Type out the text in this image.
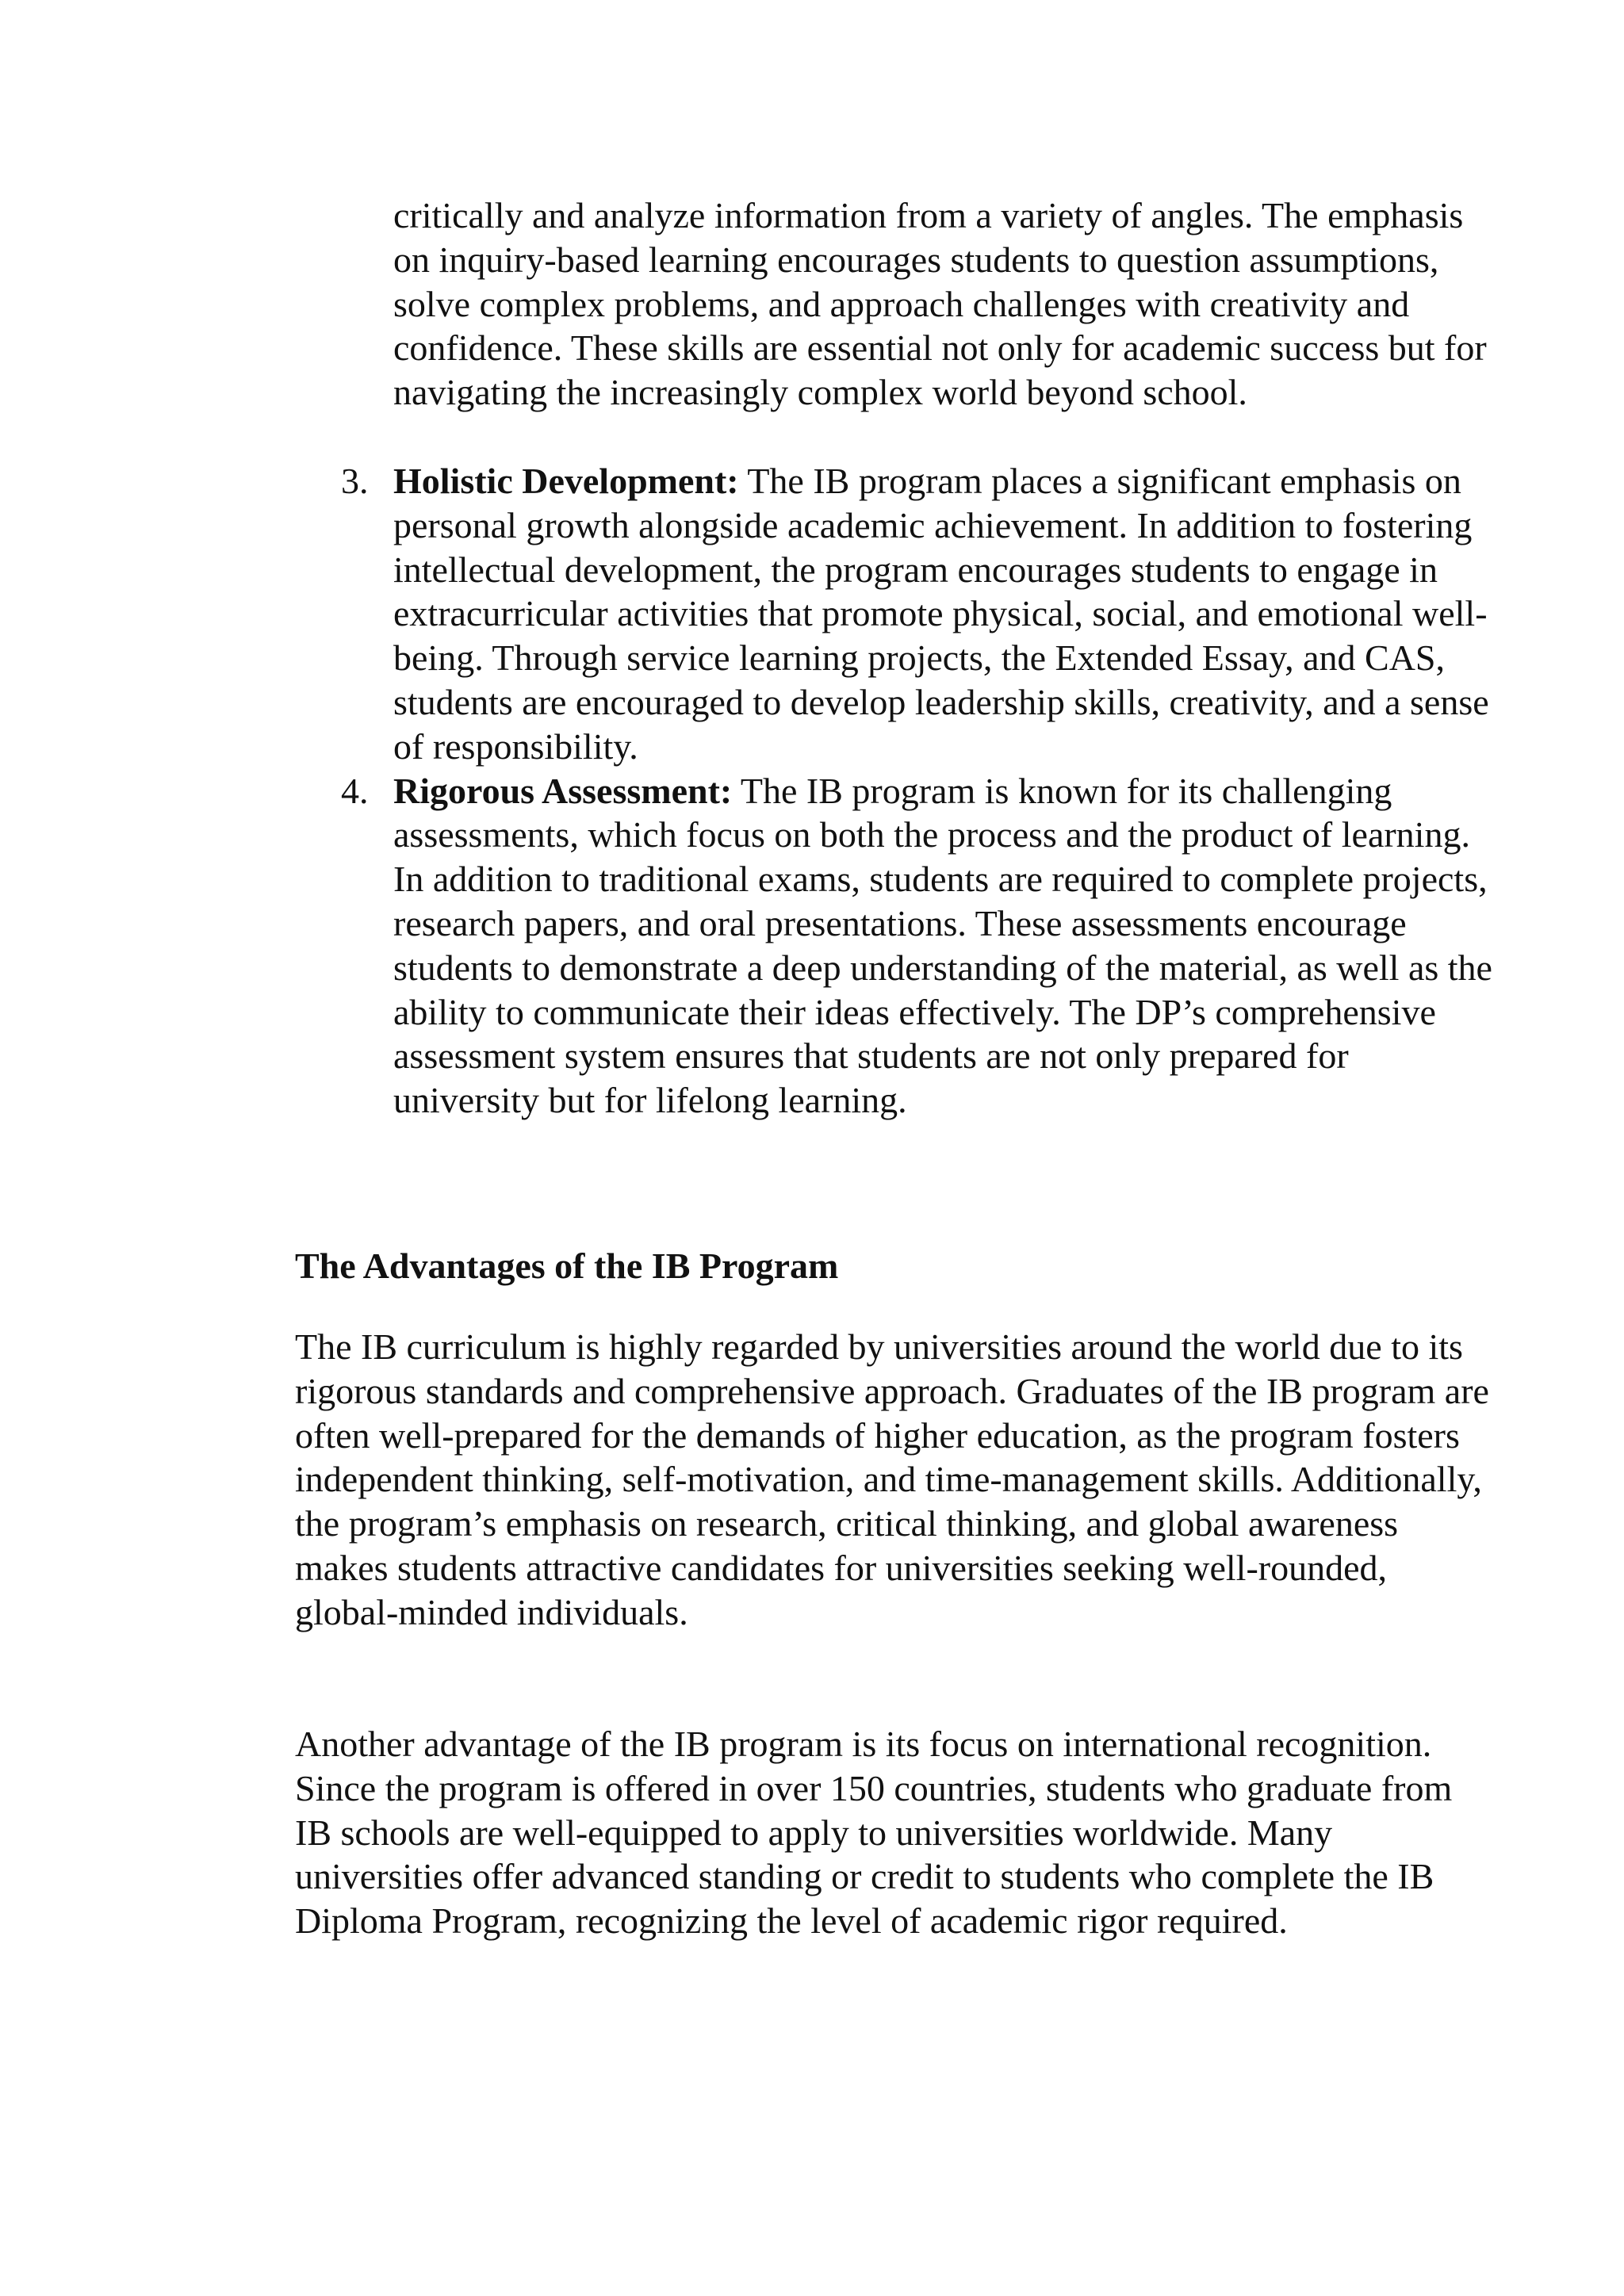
critically and analyze information from a variety of angles. The emphasis on inquiry-based learning encourages students to question assumptions, solve complex problems, and approach challenges with creativity and confidence. These skills are essential not only for academic success but for navigating the increasingly complex world beyond school.
3. Holistic Development: The IB program places a significant emphasis on personal growth alongside academic achievement. In addition to fostering intellectual development, the program encourages students to engage in extracurricular activities that promote physical, social, and emotional well-being. Through service learning projects, the Extended Essay, and CAS, students are encouraged to develop leadership skills, creativity, and a sense of responsibility.
4. Rigorous Assessment: The IB program is known for its challenging assessments, which focus on both the process and the product of learning. In addition to traditional exams, students are required to complete projects, research papers, and oral presentations. These assessments encourage students to demonstrate a deep understanding of the material, as well as the ability to communicate their ideas effectively. The DP’s comprehensive assessment system ensures that students are not only prepared for university but for lifelong learning.
The Advantages of the IB Program
The IB curriculum is highly regarded by universities around the world due to its rigorous standards and comprehensive approach. Graduates of the IB program are often well-prepared for the demands of higher education, as the program fosters independent thinking, self-motivation, and time-management skills. Additionally, the program’s emphasis on research, critical thinking, and global awareness makes students attractive candidates for universities seeking well-rounded, global-minded individuals.
Another advantage of the IB program is its focus on international recognition. Since the program is offered in over 150 countries, students who graduate from IB schools are well-equipped to apply to universities worldwide. Many universities offer advanced standing or credit to students who complete the IB Diploma Program, recognizing the level of academic rigor required.
